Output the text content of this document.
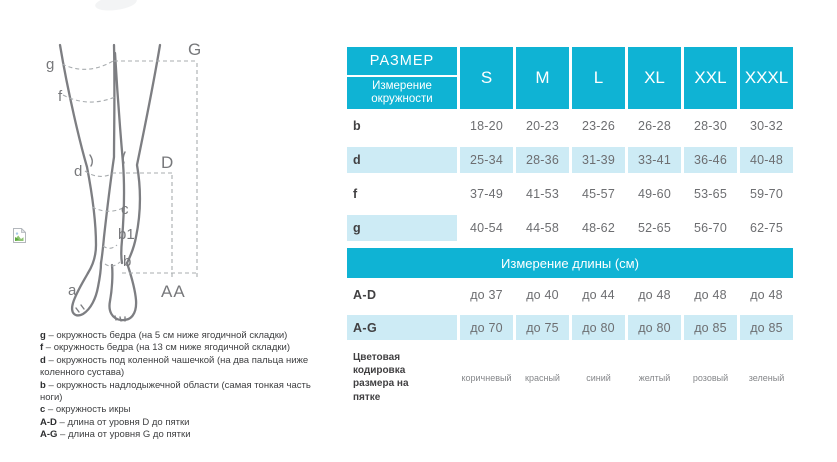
g
f
d
c
b1
b
a
G
D
AA
g – окружность бедра (на 5 см ниже ягодичной складки)
f – окружность бедра (на 13 см ниже ягодичной складки)
d – окружность под коленной чашечкой (на два пальца ниже коленного сустава)
b – окружность надлодыжечной области (самая тонкая часть ноги)
c – окружность икры
A-D – длина от уровня D до пятки
A-G – длина от уровня G до пятки
РАЗМЕР
Измерение окружности
S	M	L	XL	XXL	XXXL
b	18-20	20-23	23-26	26-28	28-30	30-32
d	25-34	28-36	31-39	33-41	36-46	40-48
f	37-49	41-53	45-57	49-60	53-65	59-70
g	40-54	44-58	48-62	52-65	56-70	62-75
Измерение длины (см)
A-D	до 37	до 40	до 44	до 48	до 48	до 48
A-G	до 70	до 75	до 80	до 80	до 85	до 85
Цветовая кодировка размера на пятке
коричневый	красный	синий	желтый	розовый	зеленый
